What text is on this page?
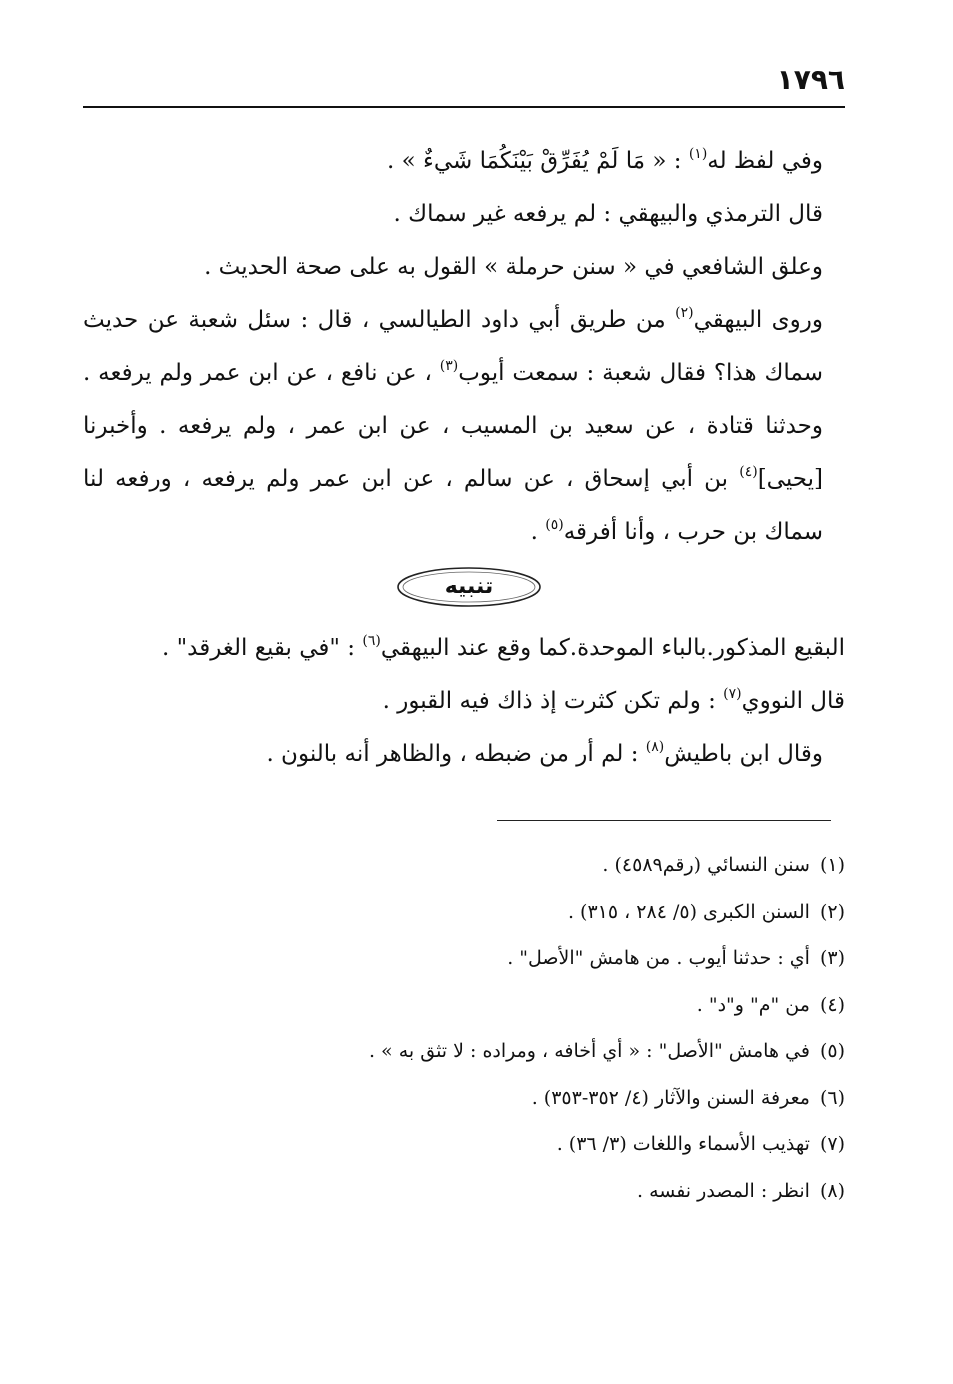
١٧٩٦

وفي لفظ له$^{(١)}$ : « مَا لَمْ يُفَرِّقْ بَيْنَكُمَا شَيءٌ » .

قال الترمذي والبيهقي : لم يرفعه غير سماك .

وعلق الشافعي في « سنن حرملة » القول به على صحة الحديث .

وروى البيهقي$^{(٢)}$ من طريق أبي داود الطيالسي ، قال : سئل شعبة عن حديث سماك هذا؟ فقال شعبة : سمعت أيوب$^{(٣)}$ ، عن نافع ، عن ابن عمر ولم يرفعه . وحدثنا قتادة ، عن سعيد بن المسيب ، عن ابن عمر ، ولم يرفعه . وأخبرنا [يحيى]$^{(٤)}$ بن أبي إسحاق ، عن سالم ، عن ابن عمر ولم يرفعه ، ورفعه لنا سماك بن حرب ، وأنا أفرقه$^{(٥)}$ .

تنبيه

البقيع المذكور.بالباء الموحدة.كما وقع عند البيهقي$^{(٦)}$ : "في بقيع الغرقد" .

قال النووي$^{(٧)}$ : ولم تكن كثرت إذ ذاك فيه القبور .

وقال ابن باطيش$^{(٨)}$ : لم أر من ضبطه ، والظاهر أنه بالنون .

(١)سنن النسائي (رقم٤٥٨٩) .
(٢)السنن الكبرى (٥/ ٢٨٤ ، ٣١٥) .
(٣)أي : حدثنا أيوب . من هامش "الأصل" .
(٤)من "م" و"د" .
(٥)في هامش "الأصل" : « أي أخافه ، ومراده : لا تثق به » .
(٦)معرفة السنن والآثار (٤/ ٣٥٢-٣٥٣) .
(٧)تهذيب الأسماء واللغات (٣/ ٣٦) .
(٨)انظر : المصدر نفسه .
